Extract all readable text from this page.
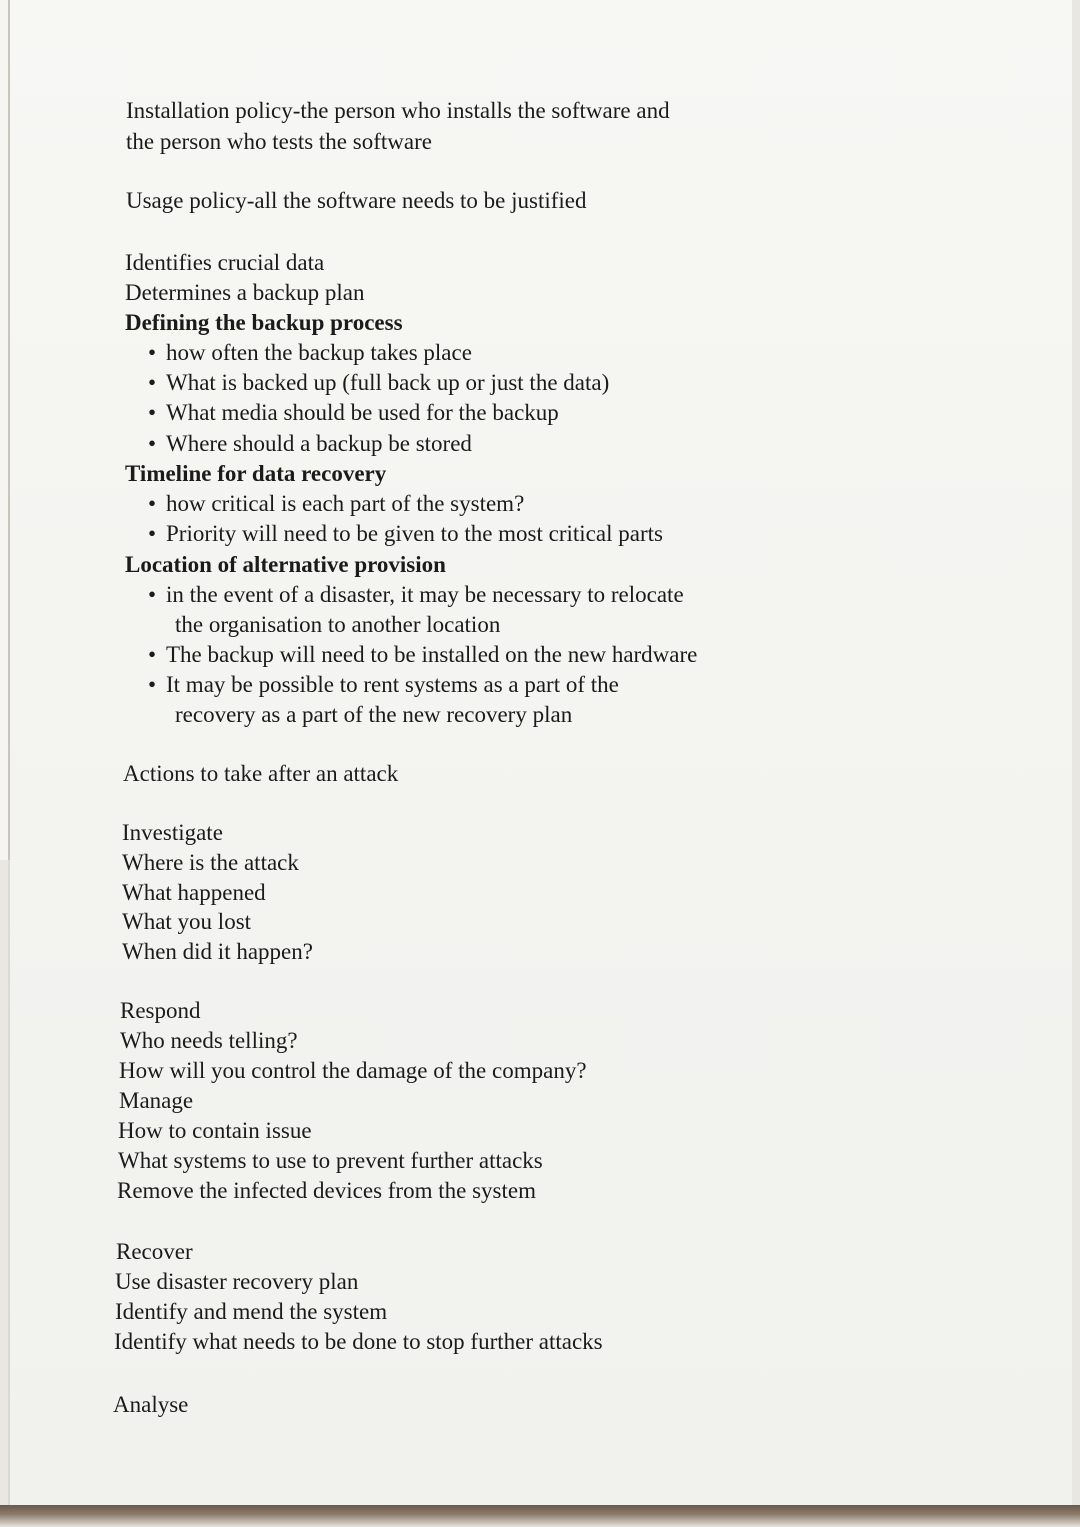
Installation policy-the person who installs the software and
the person who tests the software
Usage policy-all the software needs to be justified
Identifies crucial data
Determines a backup plan
Defining the backup process
• how often the backup takes place
• What is backed up (full back up or just the data)
• What media should be used for the backup
• Where should a backup be stored
Timeline for data recovery
• how critical is each part of the system?
• Priority will need to be given to the most critical parts
Location of alternative provision
• in the event of a disaster, it may be necessary to relocate
the organisation to another location
• The backup will need to be installed on the new hardware
• It may be possible to rent systems as a part of the
recovery as a part of the new recovery plan
Actions to take after an attack
Investigate
Where is the attack
What happened
What you lost
When did it happen?
Respond
Who needs telling?
How will you control the damage of the company?
Manage
How to contain issue
What systems to use to prevent further attacks
Remove the infected devices from the system
Recover
Use disaster recovery plan
Identify and mend the system
Identify what needs to be done to stop further attacks
Analyse
